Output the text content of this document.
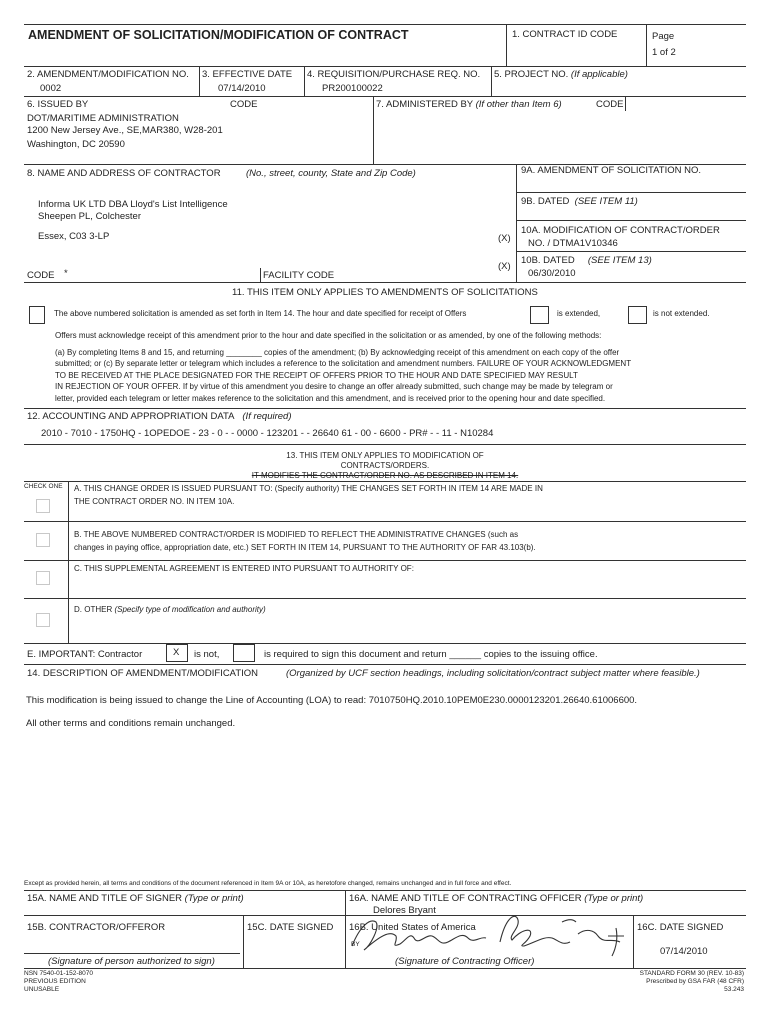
AMENDMENT OF SOLICITATION/MODIFICATION OF CONTRACT	1. CONTRACT ID CODE	Page
1 of 2
2. AMENDMENT/MODIFICATION NO.
0002
3. EFFECTIVE DATE
07/14/2010
4. REQUISITION/PURCHASE REQ. NO.
PR200100022
5. PROJECT NO. (If applicable)
6. ISSUED BY	CODE
DOT/MARITIME ADMINISTRATION
1200 New Jersey Ave., SE,MAR380, W28-201
Washington, DC 20590
7. ADMINISTERED BY (If other than Item 6)	CODE
8. NAME AND ADDRESS OF CONTRACTOR	(No., street, county, State and Zip Code)
Informa UK LTD DBA Lloyd's List Intelligence
Sheepen PL, Colchester
Essex, C03 3-LP
CODE *	FACILITY CODE
9A. AMENDMENT OF SOLICITATION NO.
9B. DATED (SEE ITEM 11)
(X)
10A. MODIFICATION OF CONTRACT/ORDER
NO. / DTMA1V10346
(X)
10B. DATED (SEE ITEM 13)
06/30/2010
11. THIS ITEM ONLY APPLIES TO AMENDMENTS OF SOLICITATIONS
The above numbered solicitation is amended as set forth in Item 14. The hour and date specified for receipt of Offers	is extended,	is not extended.
Offers must acknowledge receipt of this amendment prior to the hour and date specified in the solicitation or as amended, by one of the following methods:
(a) By completing Items 8 and 15, and returning ________ copies of the amendment; (b) By acknowledging receipt of this amendment on each copy of the offer
submitted; or (c) By separate letter or telegram which includes a reference to the solicitation and amendment numbers. FAILURE OF YOUR ACKNOWLEDGMENT
TO BE RECEIVED AT THE PLACE DESIGNATED FOR THE RECEIPT OF OFFERS PRIOR TO THE HOUR AND DATE SPECIFIED MAY RESULT
IN REJECTION OF YOUR OFFER. If by virtue of this amendment you desire to change an offer already submitted, such change may be made by telegram or
letter, provided each telegram or letter makes reference to the solicitation and this amendment, and is received prior to the opening hour and date specified.
12. ACCOUNTING AND APPROPRIATION DATA (If required)
2010 - 7010 - 1750HQ - 1OPEDOE - 23 - 0 - - 0000 - 123201 - - 26640 61 - 00 - 6600 - PR# - - 11 - N10284
13. THIS ITEM ONLY APPLIES TO MODIFICATION OF
CONTRACTS/ORDERS.
IT MODIFIES THE CONTRACT/ORDER NO. AS DESCRIBED IN ITEM 14.
CHECK ONE A. THIS CHANGE ORDER IS ISSUED PURSUANT TO: (Specify authority) THE CHANGES SET FORTH IN ITEM 14 ARE MADE IN
THE CONTRACT ORDER NO. IN ITEM 10A.
B. THE ABOVE NUMBERED CONTRACT/ORDER IS MODIFIED TO REFLECT THE ADMINISTRATIVE CHANGES (such as
changes in paying office, appropriation date, etc.) SET FORTH IN ITEM 14, PURSUANT TO THE AUTHORITY OF FAR 43.103(b).
C. THIS SUPPLEMENTAL AGREEMENT IS ENTERED INTO PURSUANT TO AUTHORITY OF:
D. OTHER (Specify type of modification and authority)
E. IMPORTANT: Contractor	X is not,	is required to sign this document and return ______ copies to the issuing office.
14. DESCRIPTION OF AMENDMENT/MODIFICATION	(Organized by UCF section headings, including solicitation/contract subject matter where feasible.)
This modification is being issued to change the Line of Accounting (LOA) to read: 7010750HQ.2010.10PEM0E230.0000123201.26640.61006600.
All other terms and conditions remain unchanged.
Except as provided herein, all terms and conditions of the document referenced in Item 9A or 10A, as heretofore changed, remains unchanged and in full force and effect.
15A. NAME AND TITLE OF SIGNER (Type or print)	16A. NAME AND TITLE OF CONTRACTING OFFICER (Type or print)
Delores Bryant
15B. CONTRACTOR/OFFEROR	15C. DATE SIGNED 16B. United States of America
BY
16C. DATE SIGNED
07/14/2010
(Signature of person authorized to sign)	(Signature of Contracting Officer)
NSN 7540-01-152-8070
PREVIOUS EDITION
UNUSABLE
STANDARD FORM 30 (REV. 10-83)
Prescribed by GSA FAR (48 CFR)
53.243
